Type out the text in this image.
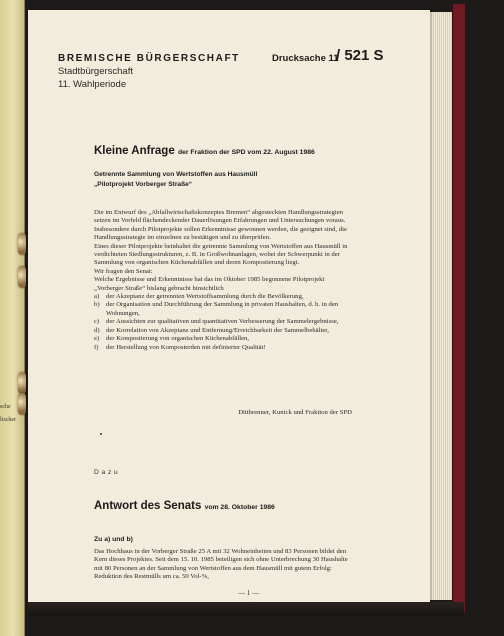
sche
lischer
BREMISCHE BÜRGERSCHAFT
Stadtbürgerschaft
11. Wahlperiode
Drucksache 11
/ 521 S
Kleine Anfrage der Fraktion der SPD vom 22. August 1986
Getrennte Sammlung von Wertstoffen aus Hausmüll
„Pilotprojekt Vorberger Straße“

Die im Entwurf des „Abfallwirtschaftskonzeptes Bremen“ abgesteckten Handlungsstrategien setzen im Vorfeld flächendeckender Dauerlösungen Erfahrungen und Untersuchungen voraus.

Insbesondere durch Pilotprojekte sollen Erkenntnisse gewonnen werden, die geeignet sind, die Handlungsstrategie im einzelnen zu bestätigen und zu überprüfen.

Eines dieser Pilotprojekte beinhaltet die getrennte Sammlung von Wertstoffen aus Hausmüll in verdichteten Siedlungsstrukturen, z. B. in Großwohnanlagen, wobei der Schwerpunkt in der Sammlung von organischen Küchenabfällen und deren Kompostierung liegt.

Wir fragen den Senat:

Welche Ergebnisse und Erkenntnisse hat das im Oktober 1985 begonnene Pilotprojekt „Vorberger Straße“ bislang gebracht hinsichtlich

a)	der Akzeptanz der getrennten Wertstoffsammlung durch die Bevölkerung,
b) der Organisation und Durchführung der Sammlung in privaten Haushalten, d. h. in den Wohnungen,
c)	der Aussichten zur qualitativen und quantitativen Verbesserung der Sammelergebnisse,
d) der Korrelation von Akzeptanz und Entfernung/Erreichbarkeit der Sammelbehälter,
e)	der Kompostierung von organischen Küchenabfällen,
f)	der Herstellung von Komposterden mit definierter Qualität!
Dittbrenner, Kunick und Fraktion der SPD
Dazu
Antwort des Senats vom 28. Oktober 1986
Zu a) und b)

Das Hochhaus in der Vorberger Straße 25 A mit 32 Wohneinheiten und 83 Personen bildet den Kern dieses Projektes. Seit dem 15. 10. 1985 beteiligen sich ohne Unterbrechung 30 Haushalte mit 80 Personen an der Sammlung von Wertstoffen aus dem Hausmüll mit gutem Erfolg: Reduktion des Restmülls um ca. 50 Vol-%,

— 1 —
